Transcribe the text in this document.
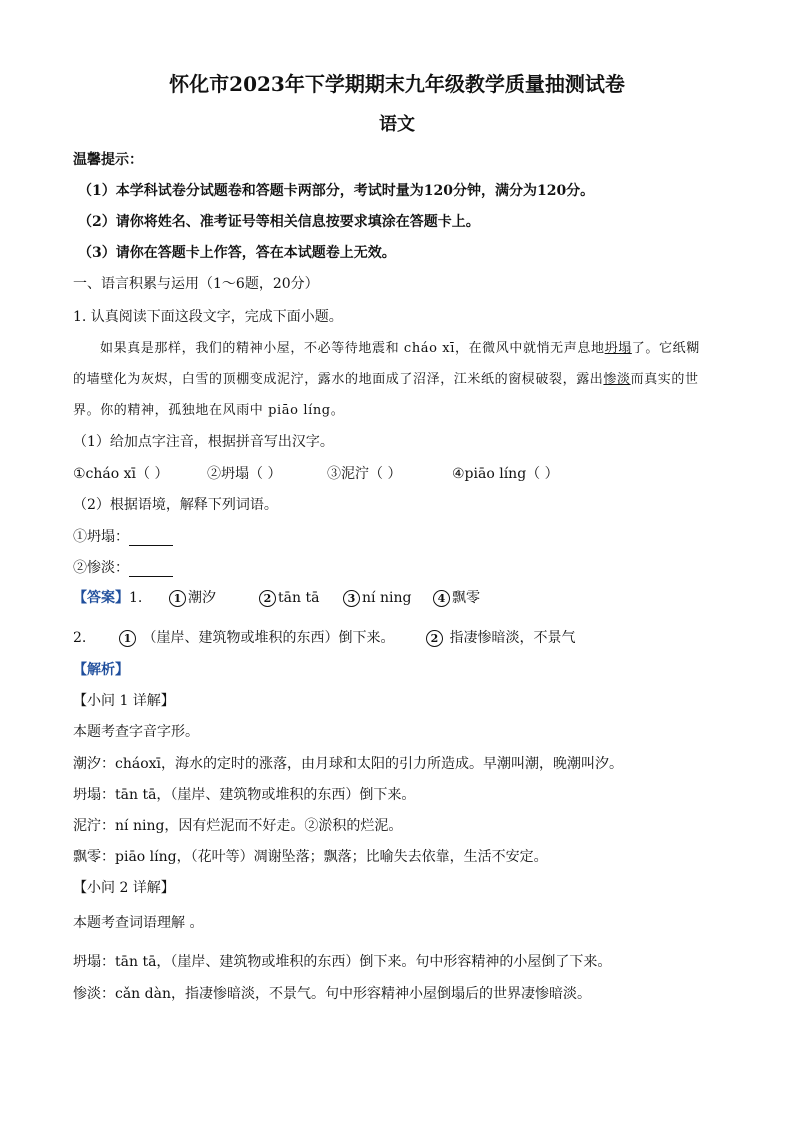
怀化市2023年下学期期末九年级教学质量抽测试卷
语文
温馨提示：
（1）本学科试卷分试题卷和答题卡两部分，考试时量为120分钟，满分为120分。
（2）请你将姓名、准考证号等相关信息按要求填涂在答题卡上。
（3）请你在答题卡上作答，答在本试题卷上无效。
一、语言积累与运用（1～6题，20分）
1. 认真阅读下面这段文字，完成下面小题。
如果真是那样，我们的精神小屋，不必等待地震和 cháo xī，在微风中就悄无声息地坍塌了。它纸糊
的墙壁化为灰烬，白雪的顶棚变成泥泞，露水的地面成了沼泽，江米纸的窗棂破裂，露出惨淡而真实的世
界。你的精神，孤独地在风雨中 piāo líng。
（1）给加点字注音，根据拼音写出汉字。
①cháo xī（ ）	②坍塌（ ）	③泥泞（ ）	④piāo líng（ ）
（2）根据语境，解释下列词语。
①坍塌：
②惨淡：
【答案】1.	1 潮汐	2 tān tā	3 ní ning 4 飘零
2.	1 （崖岸、建筑物或堆积的东西）倒下来。	2 指凄惨暗淡，不景气
【解析】
【小问 1 详解】
本题考查字音字形。
潮汐：cháoxī，海水的定时的涨落，由月球和太阳的引力所造成。早潮叫潮，晚潮叫汐。
坍塌：tān tā，（崖岸、建筑物或堆积的东西）倒下来。
泥泞：ní ning，因有烂泥而不好走。②淤积的烂泥。
飘零：piāo líng，（花叶等）凋谢坠落；飘落；比喻失去依靠，生活不安定。
【小问 2 详解】
本题考查词语理解 。
坍塌：tān tā，（崖岸、建筑物或堆积的东西）倒下来。句中形容精神的小屋倒了下来。
惨淡：cǎn dàn，指凄惨暗淡，不景气。句中形容精神小屋倒塌后的世界凄惨暗淡。
